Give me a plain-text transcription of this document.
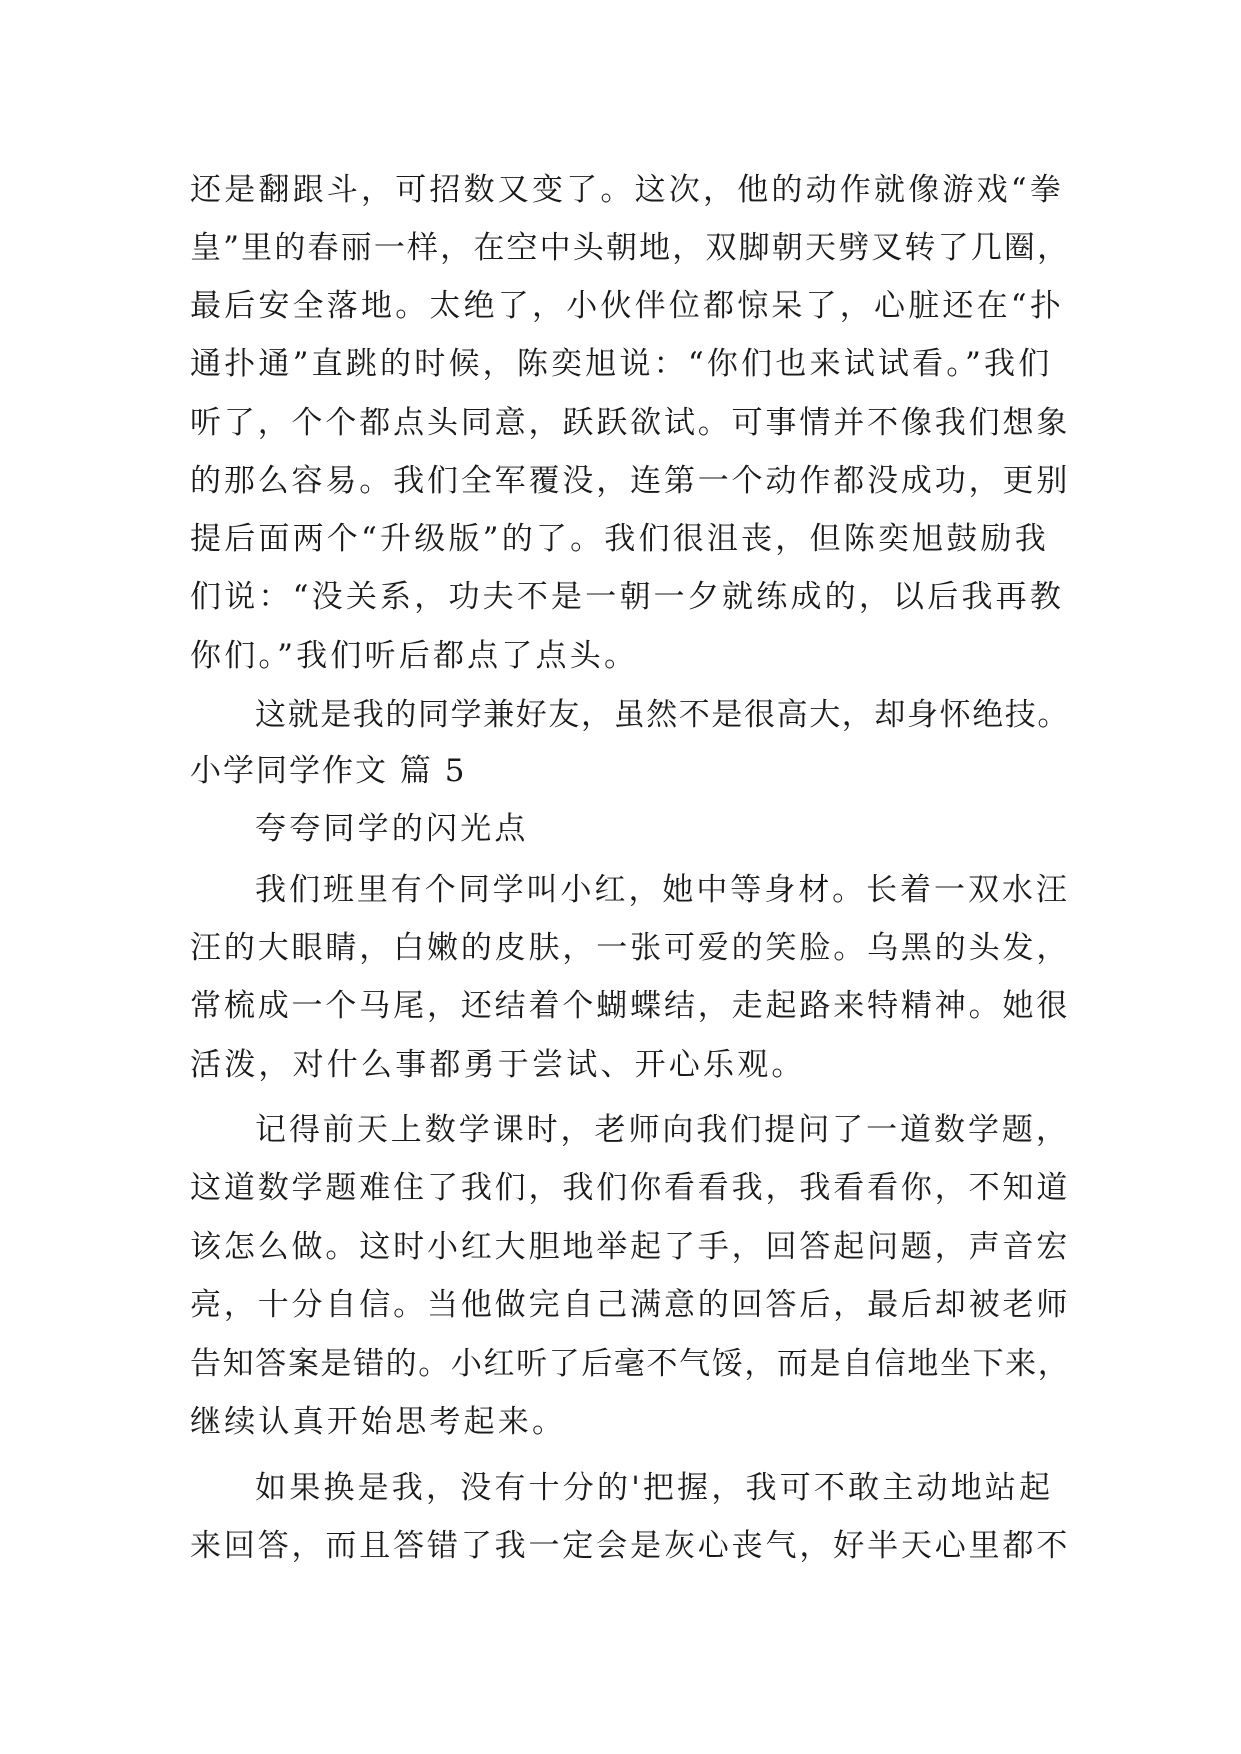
还是翻跟斗，可招数又变了。这次，他的动作就像游戏“拳
皇”里的春丽一样，在空中头朝地，双脚朝天劈叉转了几圈，
最后安全落地。太绝了，小伙伴位都惊呆了，心脏还在“扑
通扑通”直跳的时候，陈奕旭说：“你们也来试试看。”我们
听了，个个都点头同意，跃跃欲试。可事情并不像我们想象
的那么容易。我们全军覆没，连第一个动作都没成功，更别
提后面两个“升级版”的了。我们很沮丧，但陈奕旭鼓励我
们说：“没关系，功夫不是一朝一夕就练成的，以后我再教
你们。”我们听后都点了点头。
这就是我的同学兼好友，虽然不是很高大，却身怀绝技。
小学同学作文 篇 5
夸夸同学的闪光点
我们班里有个同学叫小红，她中等身材。长着一双水汪
汪的大眼睛，白嫩的皮肤，一张可爱的笑脸。乌黑的头发，
常梳成一个马尾，还结着个蝴蝶结，走起路来特精神。她很
活泼，对什么事都勇于尝试、开心乐观。
记得前天上数学课时，老师向我们提问了一道数学题，
这道数学题难住了我们，我们你看看我，我看看你，不知道
该怎么做。这时小红大胆地举起了手，回答起问题，声音宏
亮，十分自信。当他做完自己满意的回答后，最后却被老师
告知答案是错的。小红听了后毫不气馁，而是自信地坐下来，
继续认真开始思考起来。
如果换是我，没有十分的'把握，我可不敢主动地站起
来回答，而且答错了我一定会是灰心丧气，好半天心里都不
